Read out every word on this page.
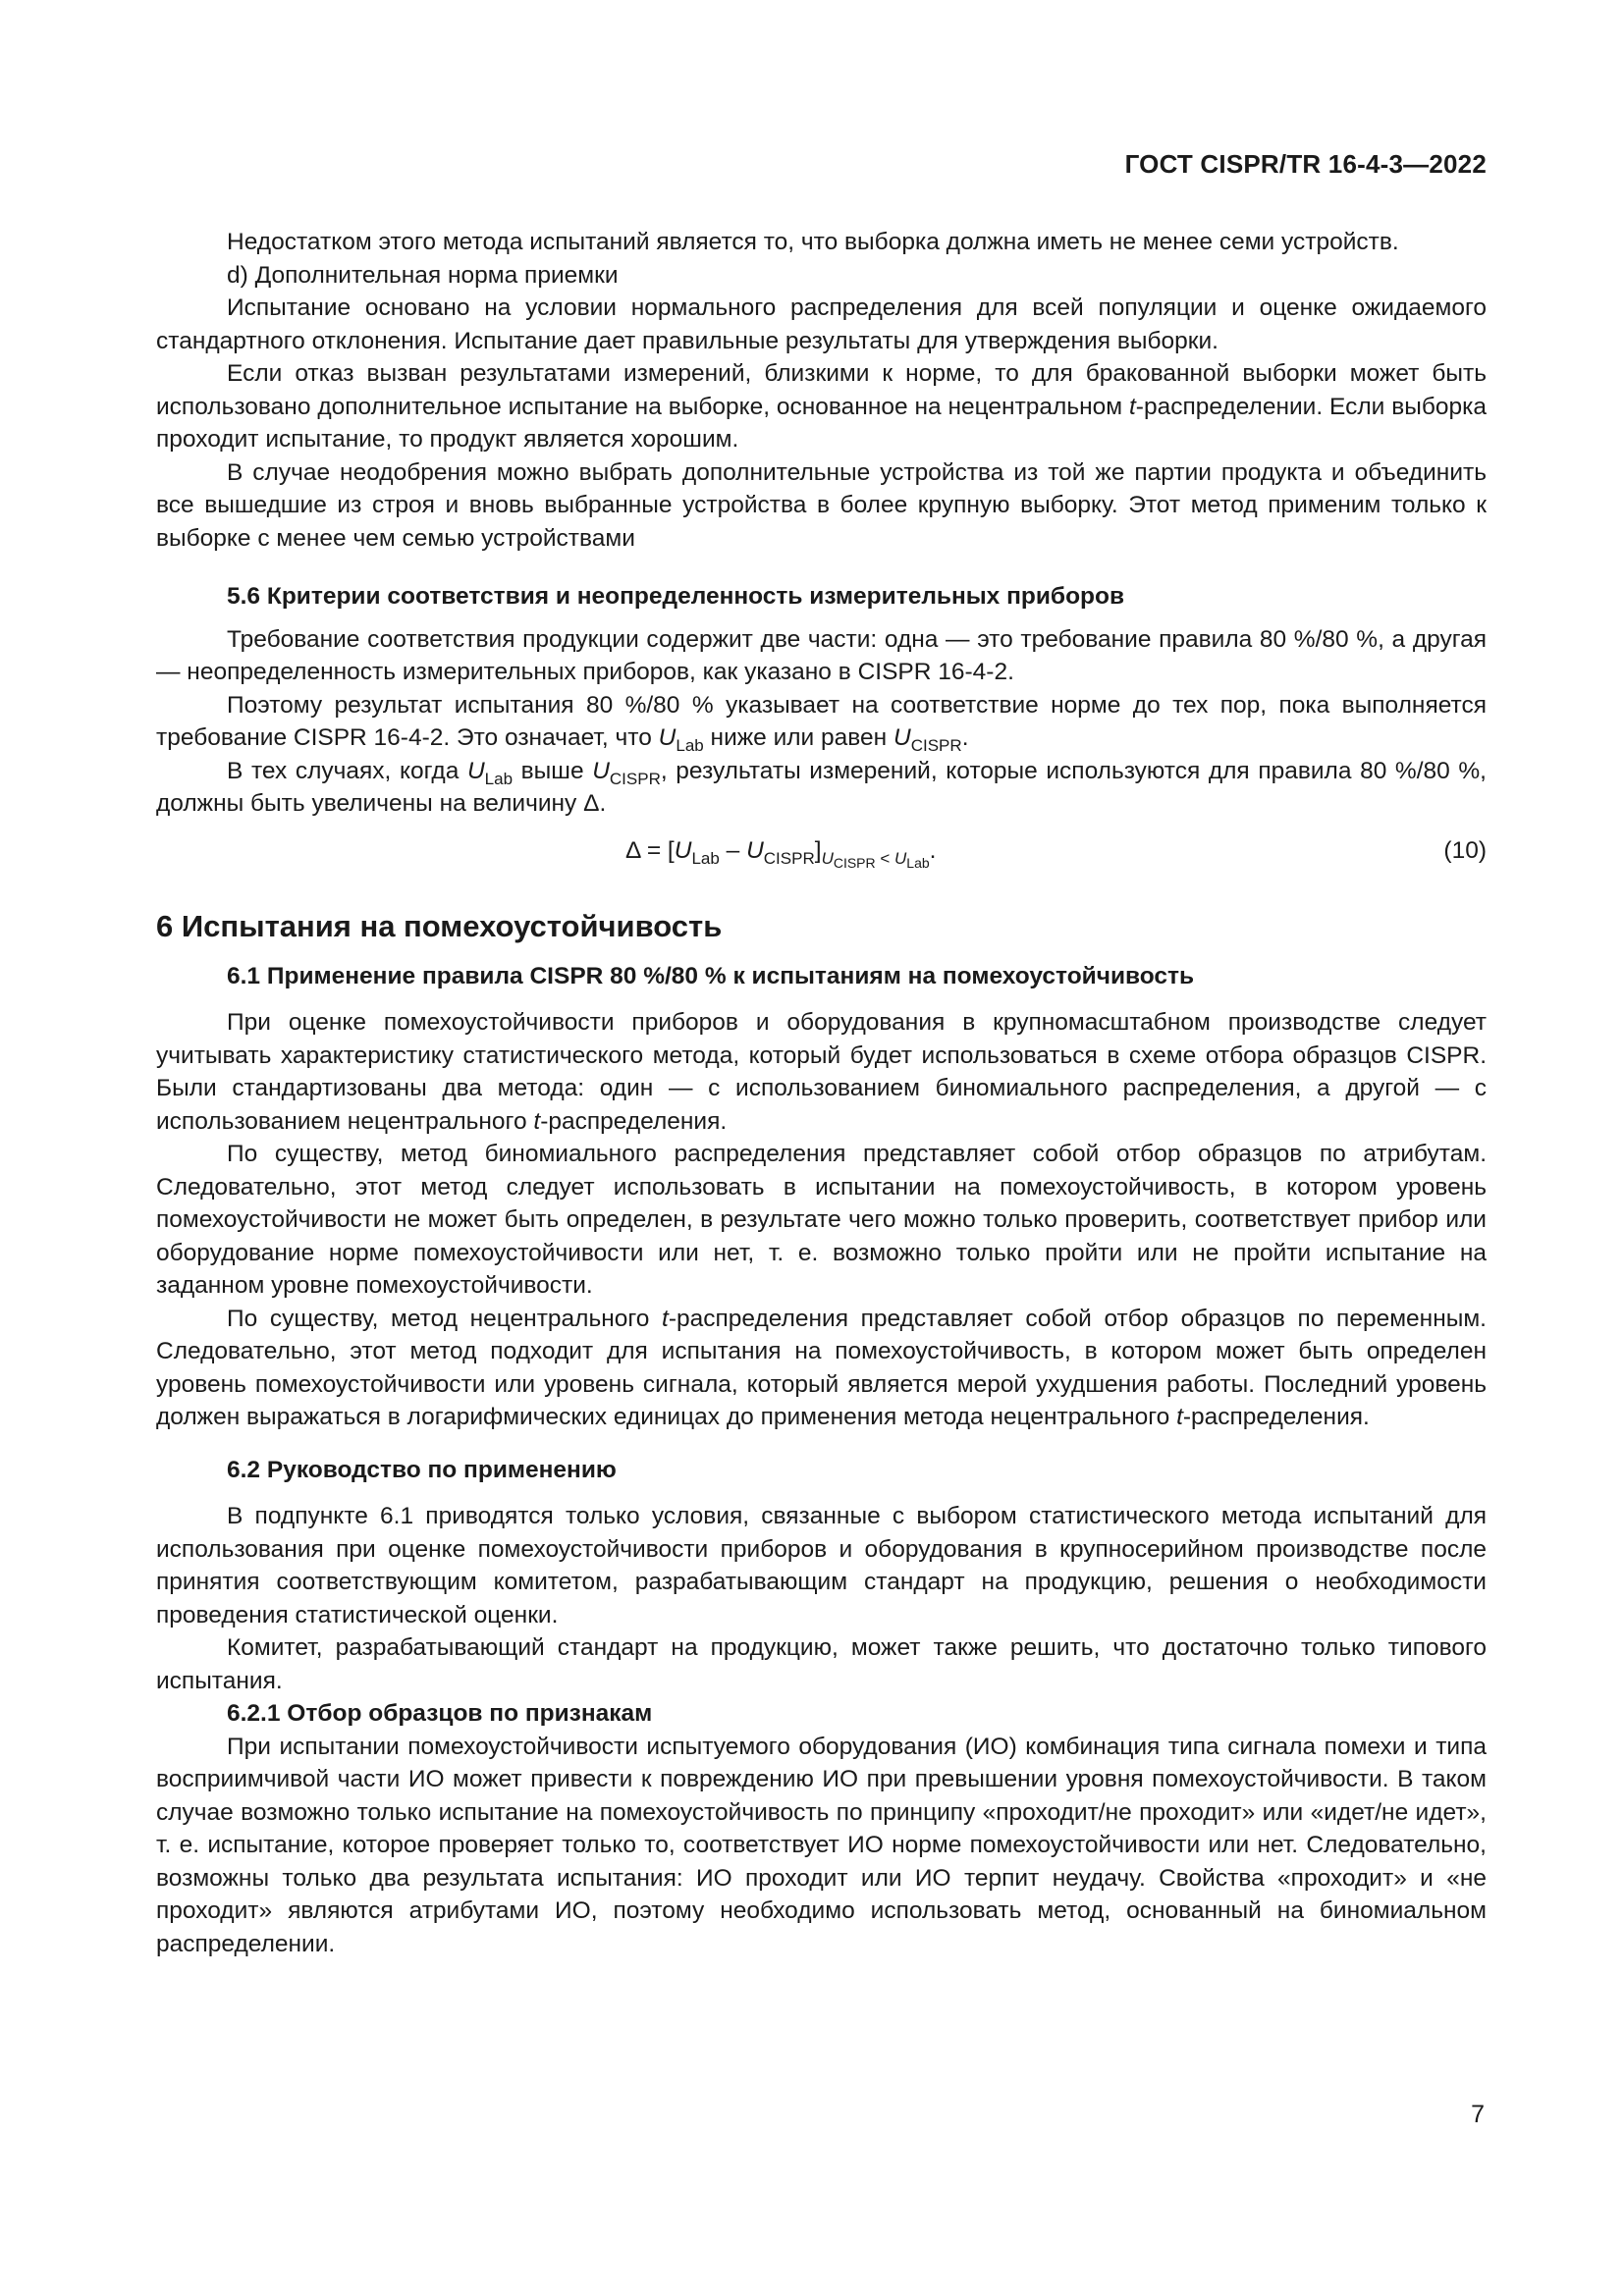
ГОСТ CISPR/TR 16-4-3—2022

Недостатком этого метода испытаний является то, что выборка должна иметь не менее семи устройств.

d) Дополнительная норма приемки

Испытание основано на условии нормального распределения для всей популяции и оценке ожидаемого стандартного отклонения. Испытание дает правильные результаты для утверждения выборки.

Если отказ вызван результатами измерений, близкими к норме, то для бракованной выборки может быть использовано дополнительное испытание на выборке, основанное на нецентральном t-распределении. Если выборка проходит испытание, то продукт является хорошим.

В случае неодобрения можно выбрать дополнительные устройства из той же партии продукта и объединить все вышедшие из строя и вновь выбранные устройства в более крупную выборку. Этот метод применим только к выборке с менее чем семью устройствами

5.6 Критерии соответствия и неопределенность измерительных приборов

Требование соответствия продукции содержит две части: одна — это требование правила 80 %/80 %, а другая — неопределенность измерительных приборов, как указано в CISPR 16-4-2.

Поэтому результат испытания 80 %/80 % указывает на соответствие норме до тех пор, пока выполняется требование CISPR 16-4-2. Это означает, что $U_{Lab}$ ниже или равен $U_{CISPR}$.

В тех случаях, когда $U_{Lab}$ выше $U_{CISPR}$, результаты измерений, которые используются для правила 80 %/80 %, должны быть увеличены на величину Δ.

$\Delta = [U_{Lab} - U_{CISPR}]_{U_{CISPR} < U_{Lab}}$.	(10)

6 Испытания на помехоустойчивость

6.1 Применение правила CISPR 80 %/80 % к испытаниям на помехоустойчивость

При оценке помехоустойчивости приборов и оборудования в крупномасштабном производстве следует учитывать характеристику статистического метода, который будет использоваться в схеме отбора образцов CISPR. Были стандартизованы два метода: один — с использованием биномиального распределения, а другой — с использованием нецентрального t-распределения.

По существу, метод биномиального распределения представляет собой отбор образцов по атрибутам. Следовательно, этот метод следует использовать в испытании на помехоустойчивость, в котором уровень помехоустойчивости не может быть определен, в результате чего можно только проверить, соответствует прибор или оборудование норме помехоустойчивости или нет, т. е. возможно только пройти или не пройти испытание на заданном уровне помехоустойчивости.

По существу, метод нецентрального t-распределения представляет собой отбор образцов по переменным. Следовательно, этот метод подходит для испытания на помехоустойчивость, в котором может быть определен уровень помехоустойчивости или уровень сигнала, который является мерой ухудшения работы. Последний уровень должен выражаться в логарифмических единицах до применения метода нецентрального t-распределения.

6.2 Руководство по применению

В подпункте 6.1 приводятся только условия, связанные с выбором статистического метода испытаний для использования при оценке помехоустойчивости приборов и оборудования в крупносерийном производстве после принятия соответствующим комитетом, разрабатывающим стандарт на продукцию, решения о необходимости проведения статистической оценки.

Комитет, разрабатывающий стандарт на продукцию, может также решить, что достаточно только типового испытания.

6.2.1 Отбор образцов по признакам

При испытании помехоустойчивости испытуемого оборудования (ИО) комбинация типа сигнала помехи и типа восприимчивой части ИО может привести к повреждению ИО при превышении уровня помехоустойчивости. В таком случае возможно только испытание на помехоустойчивость по принципу «проходит/не проходит» или «идет/не идет», т. е. испытание, которое проверяет только то, соответствует ИО норме помехоустойчивости или нет. Следовательно, возможны только два результата испытания: ИО проходит или ИО терпит неудачу. Свойства «проходит» и «не проходит» являются атрибутами ИО, поэтому необходимо использовать метод, основанный на биномиальном распределении.

7
